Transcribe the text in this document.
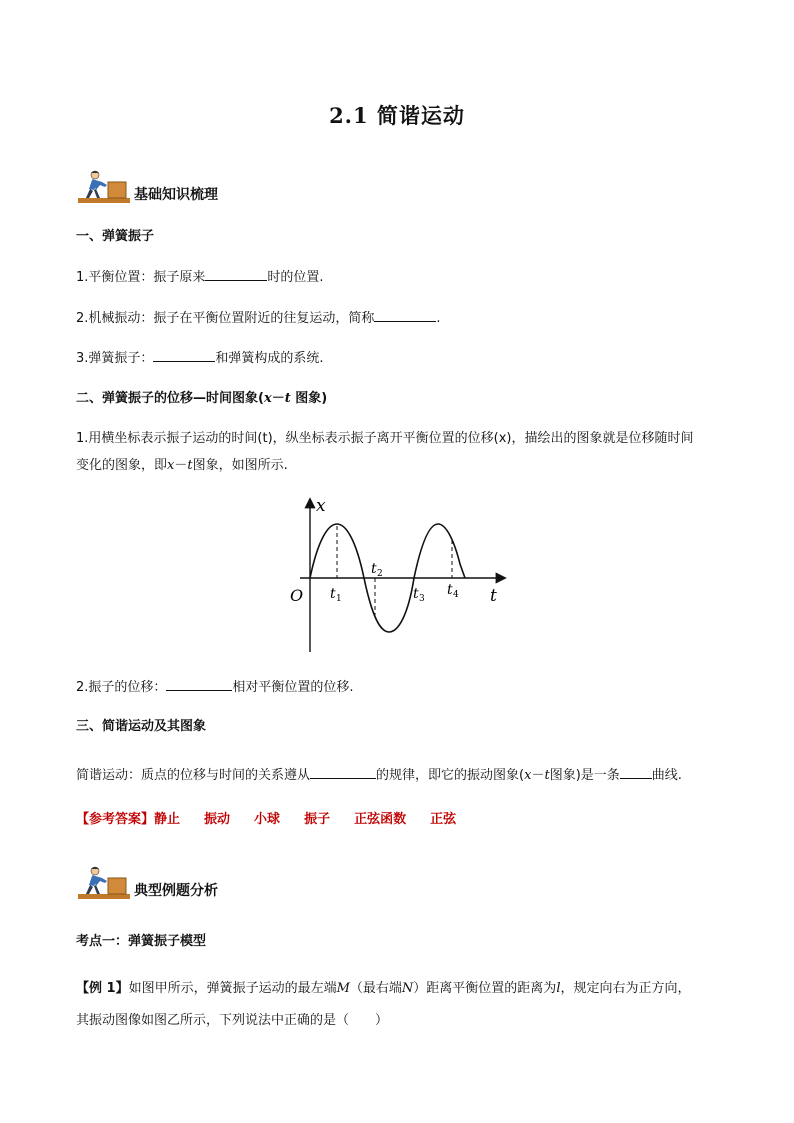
2.1 简谐运动
基础知识梳理
一、弹簧振子
1.平衡位置：振子原来	时的位置.
2.机械振动：振子在平衡位置附近的往复运动，简称	.
3.弹簧振子：	和弹簧构成的系统.
二、弹簧振子的位移—时间图象(x－t 图象)
1.用横坐标表示振子运动的时间(t)，纵坐标表示振子离开平衡位置的位移(x)，描绘出的图象就是位移随时间
变化的图象，即x－t图象，如图所示.
x
t
O t 1
t 2
t 3
t 4
2.振子的位移：	相对平衡位置的位移.
三、简谐运动及其图象
简谐运动：质点的位移与时间的关系遵从	的规律，即它的振动图象(x－t图象)是一条 曲线.
【参考答案】静止 振动 小球 振子 正弦函数 正弦
典型例题分析
考点一：弹簧振子模型
【例 1】如图甲所示，弹簧振子运动的最左端M（最右端N）距离平衡位置的距离为l，规定向右为正方向，
其振动图像如图乙所示，下列说法中正确的是（　　）
